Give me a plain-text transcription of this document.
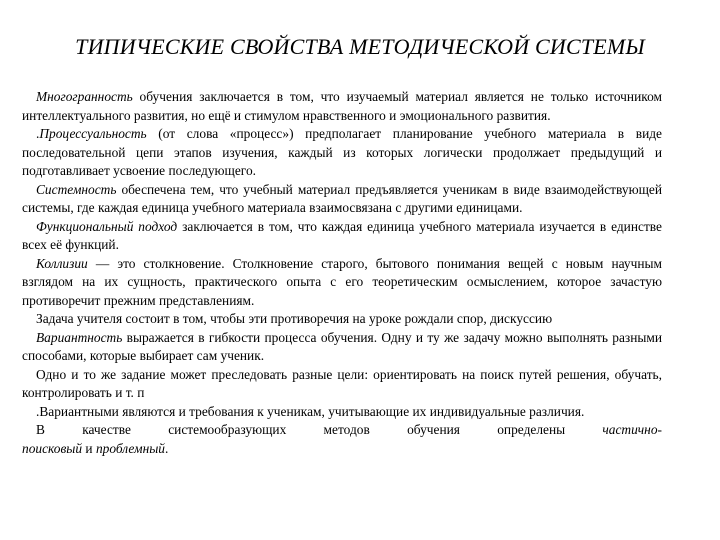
ТИПИЧЕСКИЕ СВОЙСТВА МЕТОДИЧЕСКОЙ СИСТЕМЫ
Многогранность обучения заключается в том, что изучаемый материал является не только источником интеллектуального развития, но ещё и стимулом нравственного и эмоционального развития.
.Процессуальность (от слова «процесс») предполагает планирование учебного материала в виде последовательной цепи этапов изучения, каждый из которых логически продолжает предыдущий и подготавливает усвоение последующего.
Системность обеспечена тем, что учебный материал предъявляется ученикам в виде взаимодействующей системы, где каждая единица учебного материала взаимосвязана с другими единицами.
Функциональный подход заключается в том, что каждая единица учебного материала изучается в единстве всех её функций.
Коллизии — это столкновение. Столкновение старого, бытового понимания вещей с новым научным взглядом на их сущность, практического опыта с его теоретическим осмыслением, которое зачастую противоречит прежним представлениям.
Задача учителя состоит в том, чтобы эти противоречия на уроке рождали спор, дискуссию
Вариантность выражается в гибкости процесса обучения. Одну и ту же задачу можно выполнять разными способами, которые выбирает сам ученик.
Одно и то же задание может преследовать разные цели: ориентировать на поиск путей решения, обучать, контролировать и т. п
.Вариантными являются и требования к ученикам, учитывающие их индивидуальные различия.
В качестве системообразующих методов обучения определены	частично-
поисковый и проблемный.
